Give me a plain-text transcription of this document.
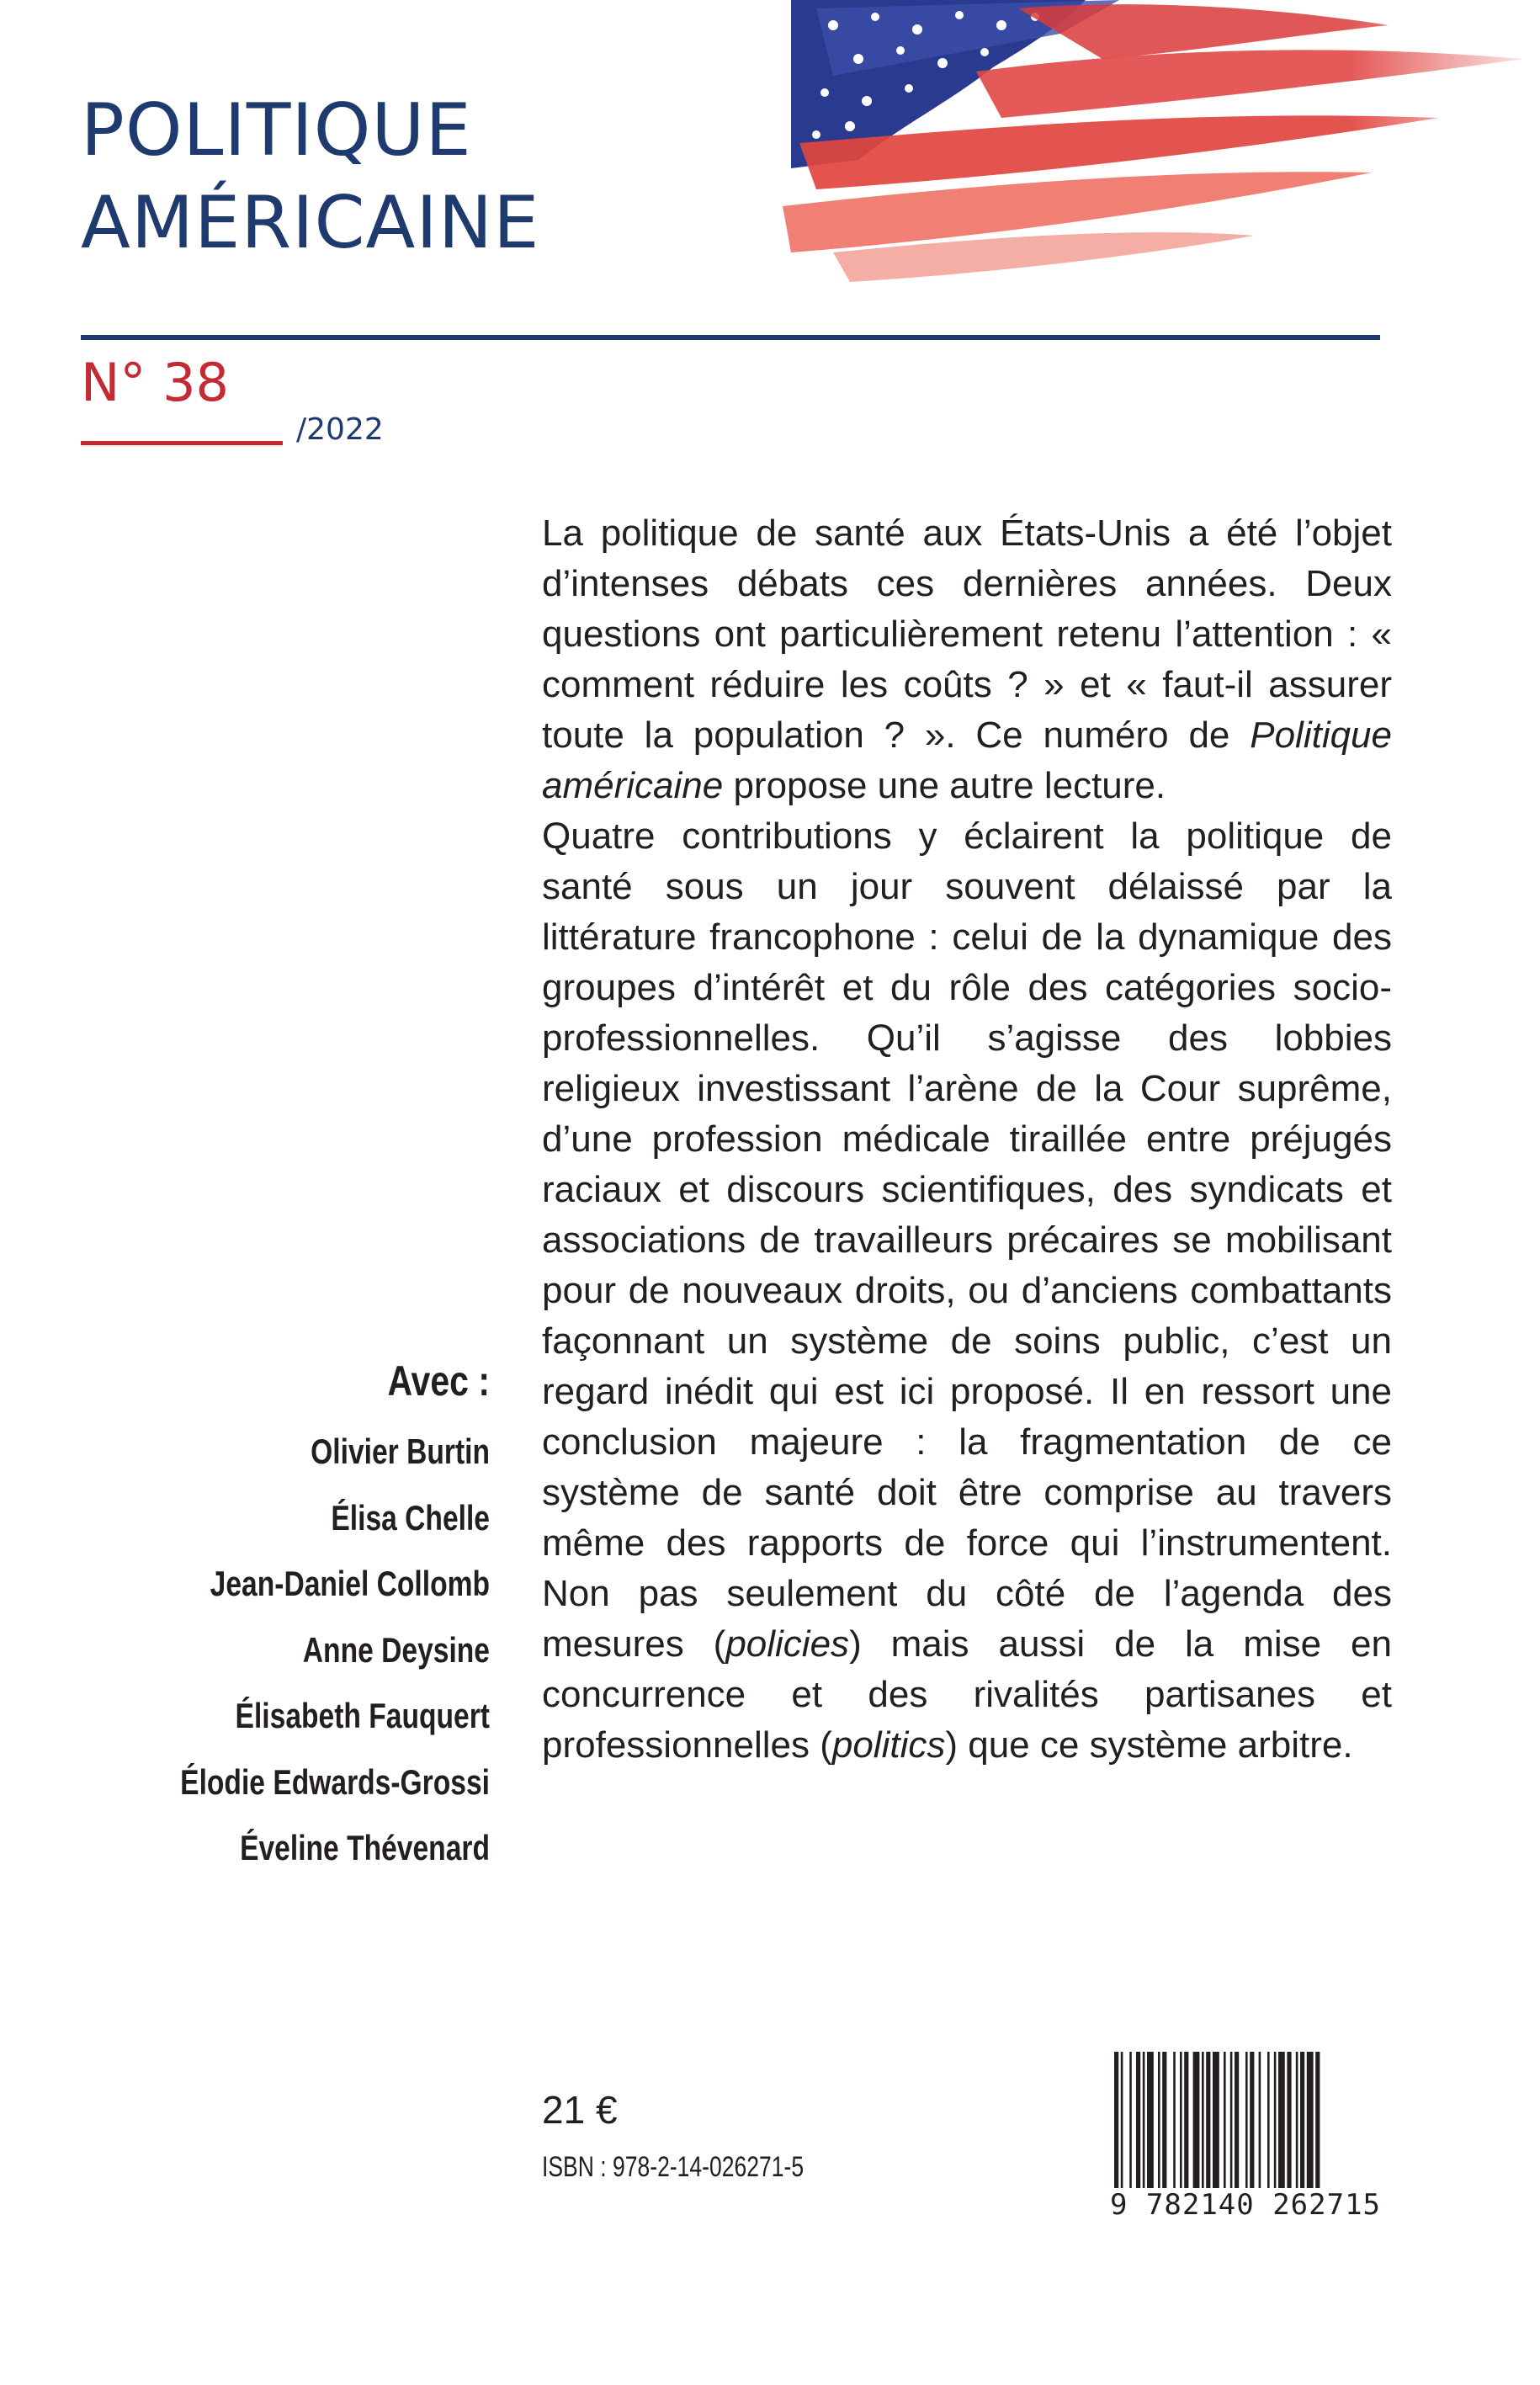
POLITIQUE
AMÉRICAINE
N° 38
/2022

La politique de santé aux États-Unis a été l’objet d’intenses débats ces dernières années. Deux questions ont particulièrement retenu l’attention : « comment réduire les coûts ? » et « faut-il assurer toute la population ? ». Ce numéro de Politique américaine propose une autre lecture.

Quatre contributions y éclairent la politique de santé sous un jour souvent délaissé par la littérature francophone : celui de la dynamique des groupes d’intérêt et du rôle des catégories socio-professionnelles. Qu’il s’agisse des lobbies religieux investissant l’arène de la Cour suprême, d’une profession médicale tiraillée entre préjugés raciaux et discours scientifiques, des syndicats et associations de travailleurs précaires se mobilisant pour de nouveaux droits, ou d’anciens combattants façonnant un système de soins public, c’est un regard inédit qui est ici proposé. Il en ressort une conclusion majeure : la fragmentation de ce système de santé doit être comprise au travers même des rapports de force qui l’instrumentent. Non pas seulement du côté de l’agenda des mesures (policies) mais aussi de la mise en concurrence et des rivalités partisanes et professionnelles (politics) que ce système arbitre.

Avec :
Olivier Burtin
Élisa Chelle
Jean-Daniel Collomb
Anne Deysine
Élisabeth Fauquert
Élodie Edwards-Grossi
Éveline Thévenard
21 €
ISBN : 978-2-14-026271-5
9 782140 262715
